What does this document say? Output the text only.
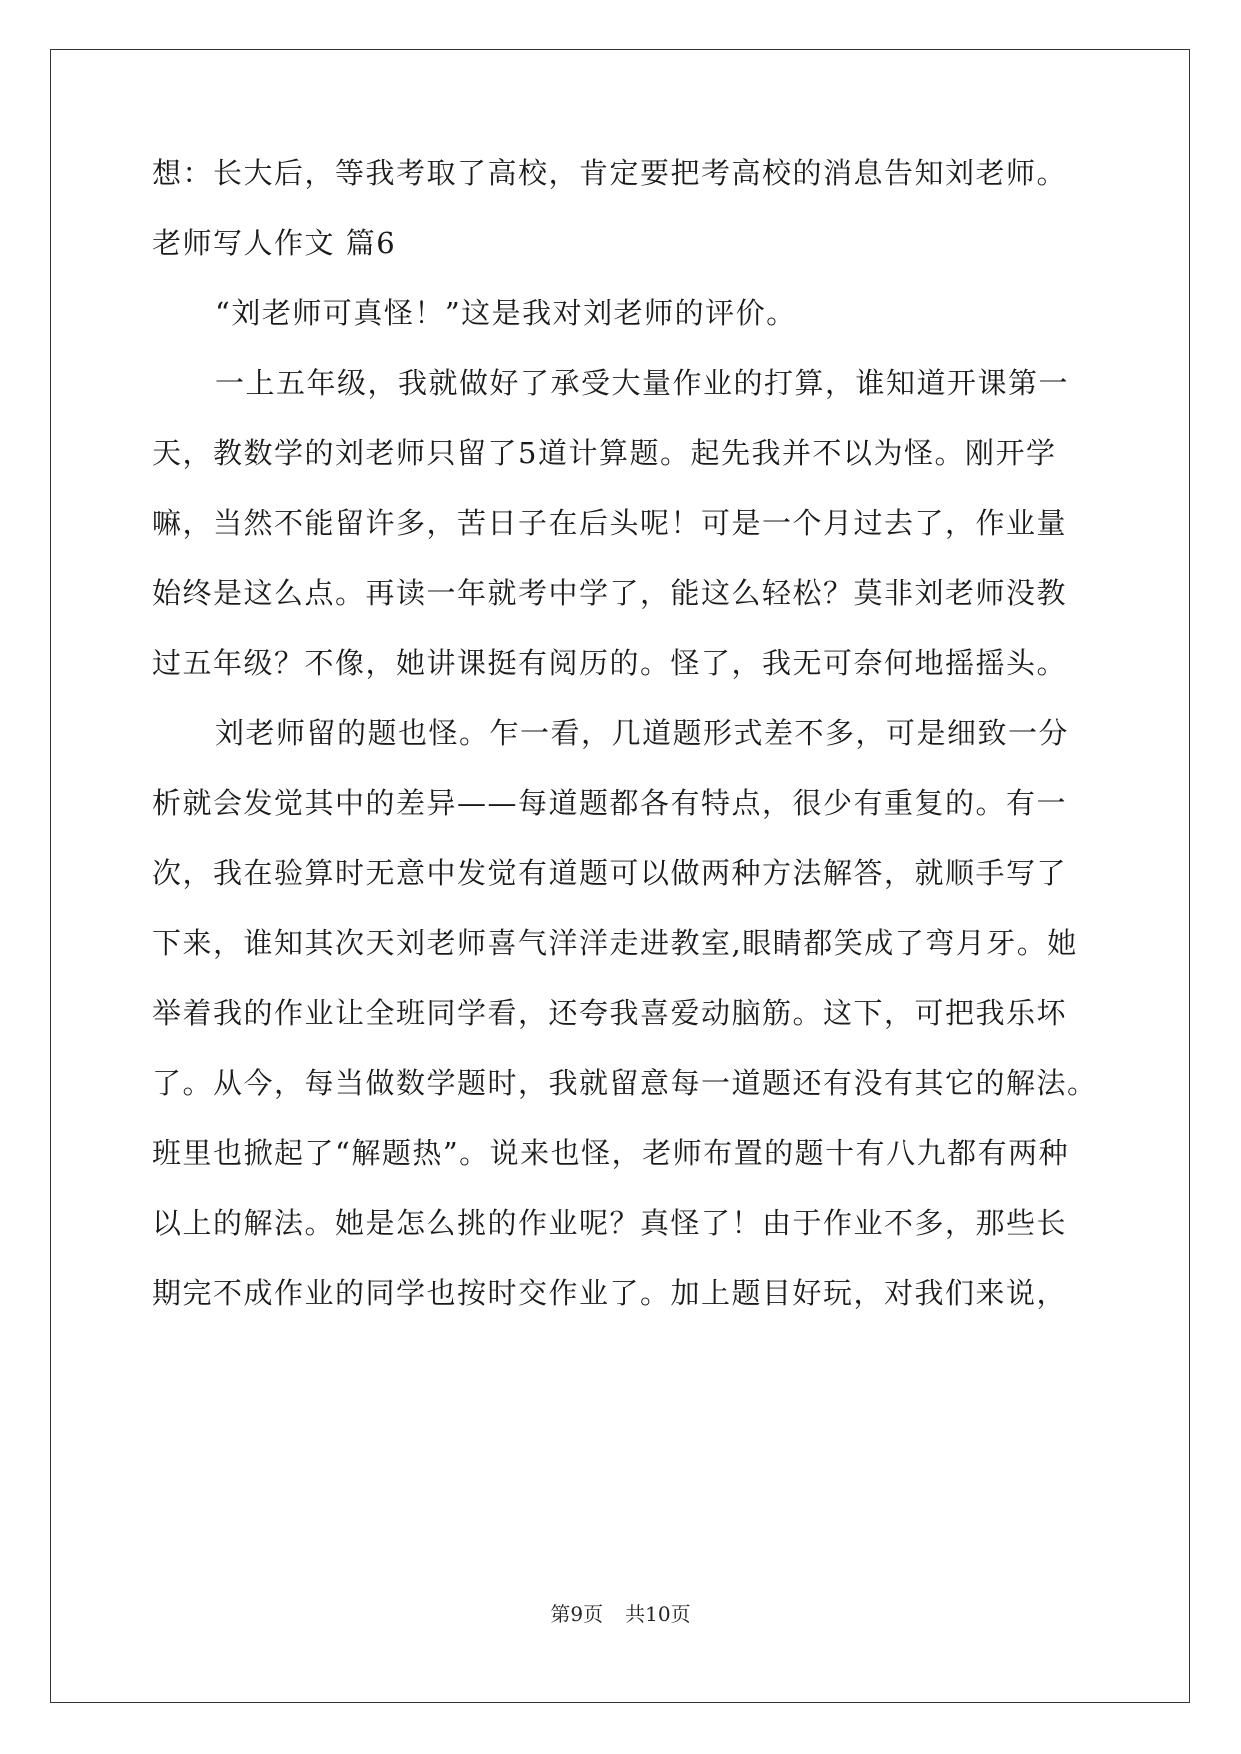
想：长大后，等我考取了高校，肯定要把考高校的消息告知刘老师。
老师写人作文 篇6
“刘老师可真怪！”这是我对刘老师的评价。
一上五年级，我就做好了承受大量作业的打算，谁知道开课第一
天，教数学的刘老师只留了5道计算题。起先我并不以为怪。刚开学
嘛，当然不能留许多，苦日子在后头呢！可是一个月过去了，作业量
始终是这么点。再读一年就考中学了，能这么轻松？莫非刘老师没教
过五年级？不像，她讲课挺有阅历的。怪了，我无可奈何地摇摇头。
刘老师留的题也怪。乍一看，几道题形式差不多，可是细致一分
析就会发觉其中的差异——每道题都各有特点，很少有重复的。有一
次，我在验算时无意中发觉有道题可以做两种方法解答，就顺手写了
下来，谁知其次天刘老师喜气洋洋走进教室,眼睛都笑成了弯月牙。她
举着我的作业让全班同学看，还夸我喜爱动脑筋。这下，可把我乐坏
了。从今，每当做数学题时，我就留意每一道题还有没有其它的解法。
班里也掀起了“解题热”。说来也怪，老师布置的题十有八九都有两种
以上的解法。她是怎么挑的作业呢？真怪了！由于作业不多，那些长
期完不成作业的同学也按时交作业了。加上题目好玩，对我们来说，
第9页 共10页
